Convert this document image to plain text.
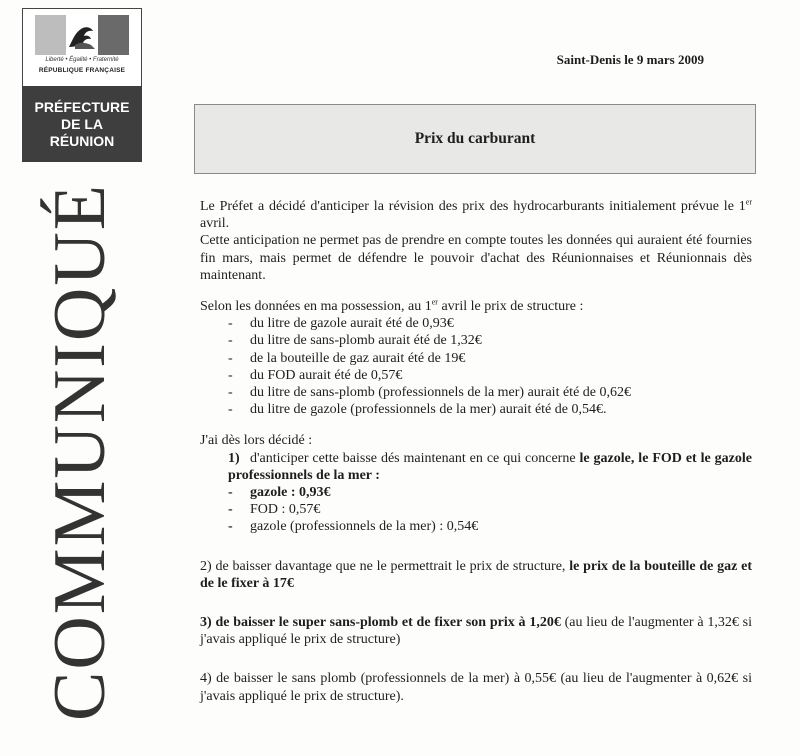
Liberté • Égalité • Fraternité
RÉPUBLIQUE FRANÇAISE
PRÉFECTURE
DE LA
RÉUNION
COMMUNIQUÉ
Saint-Denis le 9 mars 2009
Prix du carburant

Le Préfet a décidé d'anticiper la révision des prix des hydrocarburants initialement prévue le 1er avril.

Cette anticipation ne permet pas de prendre en compte toutes les données qui auraient été fournies fin mars, mais permet de défendre le pouvoir d'achat des Réunionnaises et Réunionnais dès maintenant.

Selon les données en ma possession, au 1er avril le prix de structure :

- du litre de gazole aurait été de 0,93€
- du litre de sans-plomb aurait été de 1,32€
- de la bouteille de gaz aurait été de 19€
- du FOD aurait été de 0,57€
- du litre de sans-plomb (professionnels de la mer) aurait été de 0,62€
- du litre de gazole (professionnels de la mer) aurait été de 0,54€.

J'ai dès lors décidé :

1) d'anticiper cette baisse dés maintenant en ce qui concerne le gazole, le FOD et le gazole professionnels de la mer :

- gazole : 0,93€
- FOD : 0,57€
- gazole (professionnels de la mer) : 0,54€

2) de baisser davantage que ne le permettrait le prix de structure, le prix de la bouteille de gaz et de le fixer à 17€

3) de baisser le super sans-plomb et de fixer son prix à 1,20€ (au lieu de l'augmenter à 1,32€ si j'avais appliqué le prix de structure)

4) de baisser le sans plomb (professionnels de la mer) à 0,55€ (au lieu de l'augmenter à 0,62€ si j'avais appliqué le prix de structure).
